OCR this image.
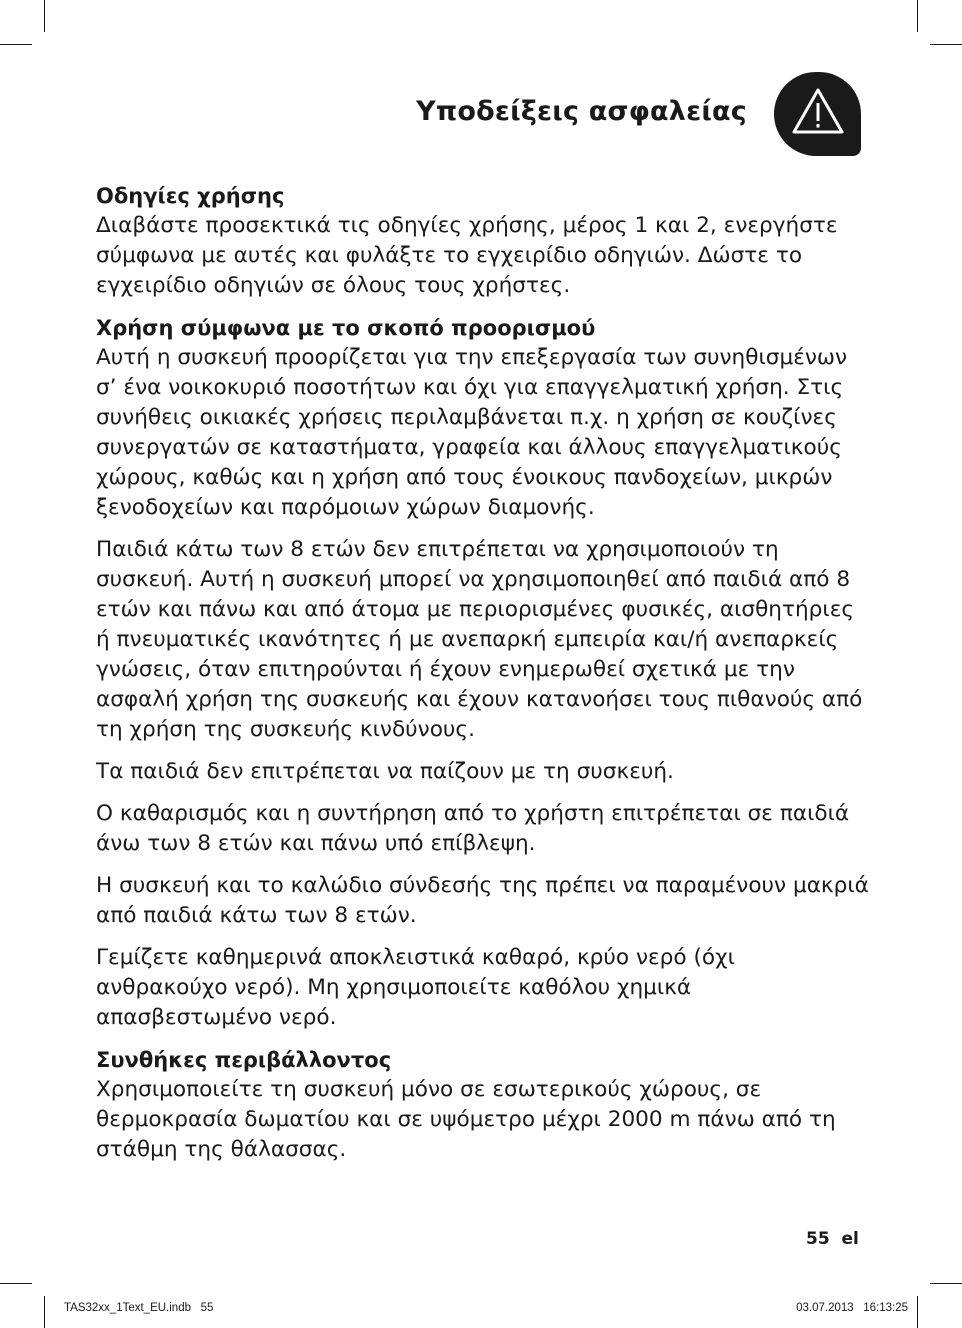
Υποδείξεις ασφαλείας
Οδηγίες χρήσης

Διαβάστε προσεκτικά τις οδηγίες χρήσης, μέρος 1 και 2, ενεργήστε σύμφωνα με αυτές και φυλάξτε το εγχειρίδιο οδηγιών. Δώστε το εγχειρίδιο οδηγιών σε όλους τους χρήστες.

Χρήση σύμφωνα με το σκοπό προορισμού

Αυτή η συσκευή προορίζεται για την επεξεργασία των συνηθισμένων σ’ ένα νοικοκυριό ποσοτήτων και όχι για επαγγελματική χρήση. Στις συνήθεις οικιακές χρήσεις περιλαμβάνεται π.χ. η χρήση σε κουζίνες συνεργατών σε καταστήματα, γραφεία και άλλους επαγγελματικούς χώρους, καθώς και η χρήση από τους ένοικους πανδοχείων, μικρών ξενοδοχείων και παρόμοιων χώρων διαμονής.

Παιδιά κάτω των 8 ετών δεν επιτρέπεται να χρησιμοποιούν τη συσκευή. Αυτή η συσκευή μπορεί να χρησιμοποιηθεί από παιδιά από 8 ετών και πάνω και από άτομα με περιορισμένες φυσικές, αισθητήριες ή πνευματικές ικανότητες ή με ανεπαρκή εμπειρία και/ή ανεπαρκείς γνώσεις, όταν επιτηρούνται ή έχουν ενημερωθεί σχετικά με την ασφαλή χρήση της συσκευής και έχουν κατανοήσει τους πιθανούς από τη χρήση της συσκευής κινδύνους.

Τα παιδιά δεν επιτρέπεται να παίζουν με τη συσκευή.

Ο καθαρισμός και η συντήρηση από το χρήστη επιτρέπεται σε παιδιά άνω των 8 ετών και πάνω υπό επίβλεψη.

Η συσκευή και το καλώδιο σύνδεσής της πρέπει να παραμένουν μακριά από παιδιά κάτω των 8 ετών.

Γεμίζετε καθημερινά αποκλειστικά καθαρό, κρύο νερό (όχι ανθρακούχο νερό). Μη χρησιμοποιείτε καθόλου χημικά απασβεστωμένο νερό.

Συνθήκες περιβάλλοντος

Χρησιμοποιείτε τη συσκευή μόνο σε εσωτερικούς χώρους, σε θερμοκρασία δωματίου και σε υψόμετρο μέχρι 2000 m πάνω από τη στάθμη της θάλασσας.

55  el
TAS32xx_1Text_EU.indb   55	03.07.2013   16:13:25
